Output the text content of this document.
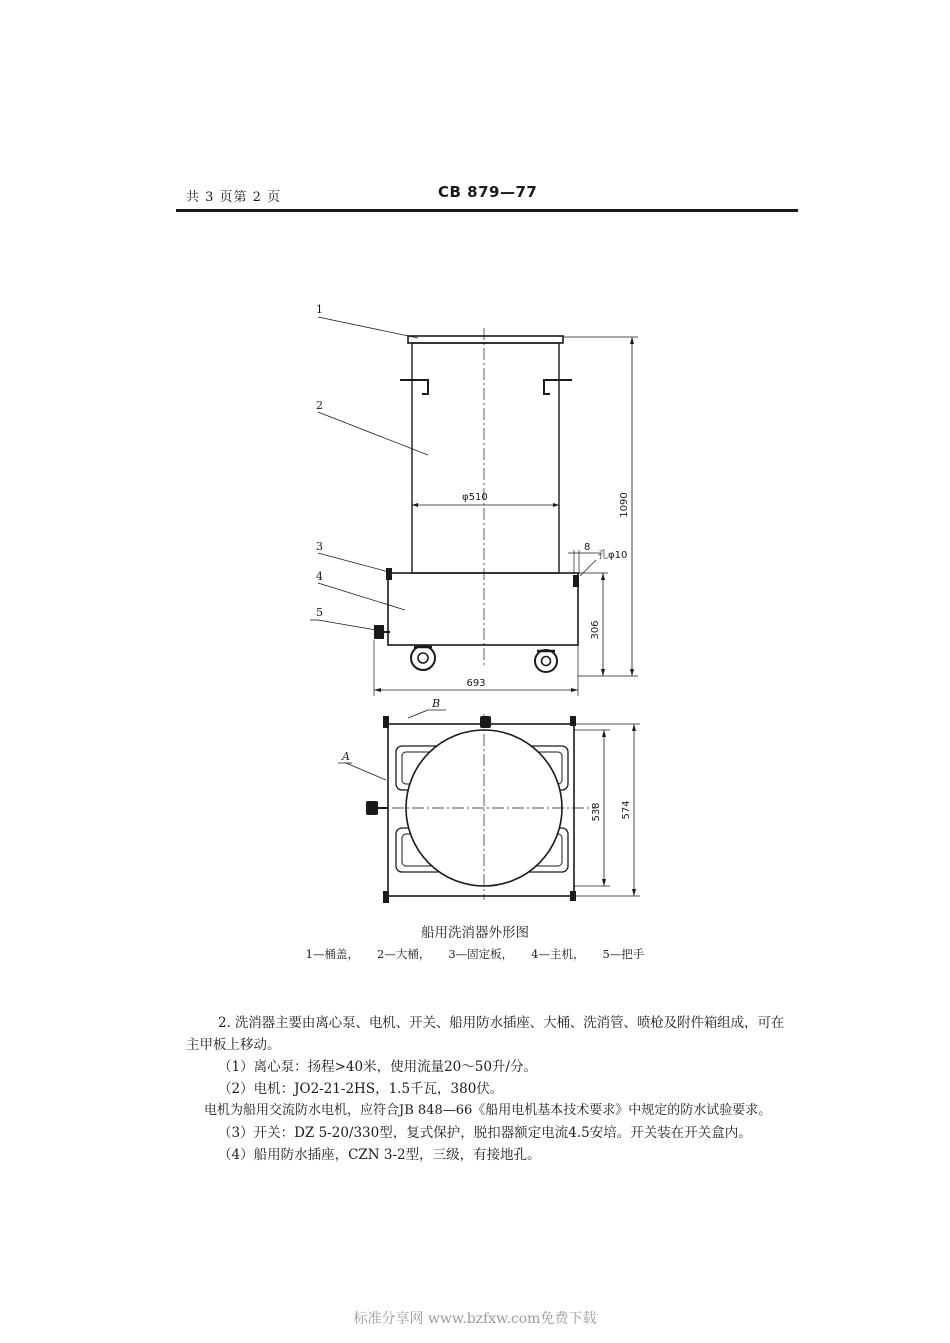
共 3 页第 2 页	CB 879—77
1
2
3
4
5
A
B
φ510	1090
8
孔φ10
306
693
538 574
船用洗消器外形图
1—桶盖， 2—大桶， 3—固定板， 4—主机， 5—把手
2. 洗消器主要由离心泵、电机、开关、船用防水插座、大桶、洗消管、喷枪及附件箱组成，可在
主甲板上移动。
（1）离心泵：扬程>40米，使用流量20～50升/分。
（2）电机：JO2-21-2HS，1.5千瓦，380伏。
电机为船用交流防水电机，应符合JB 848—66《船用电机基本技术要求》中规定的防水试验要求。
（3）开关：DZ 5-20/330型，复式保护，脱扣器额定电流4.5安培。开关装在开关盒内。
（4）船用防水插座，CZN 3-2型，三级，有接地孔。
标准分享网 www.bzfxw.com免费下载
